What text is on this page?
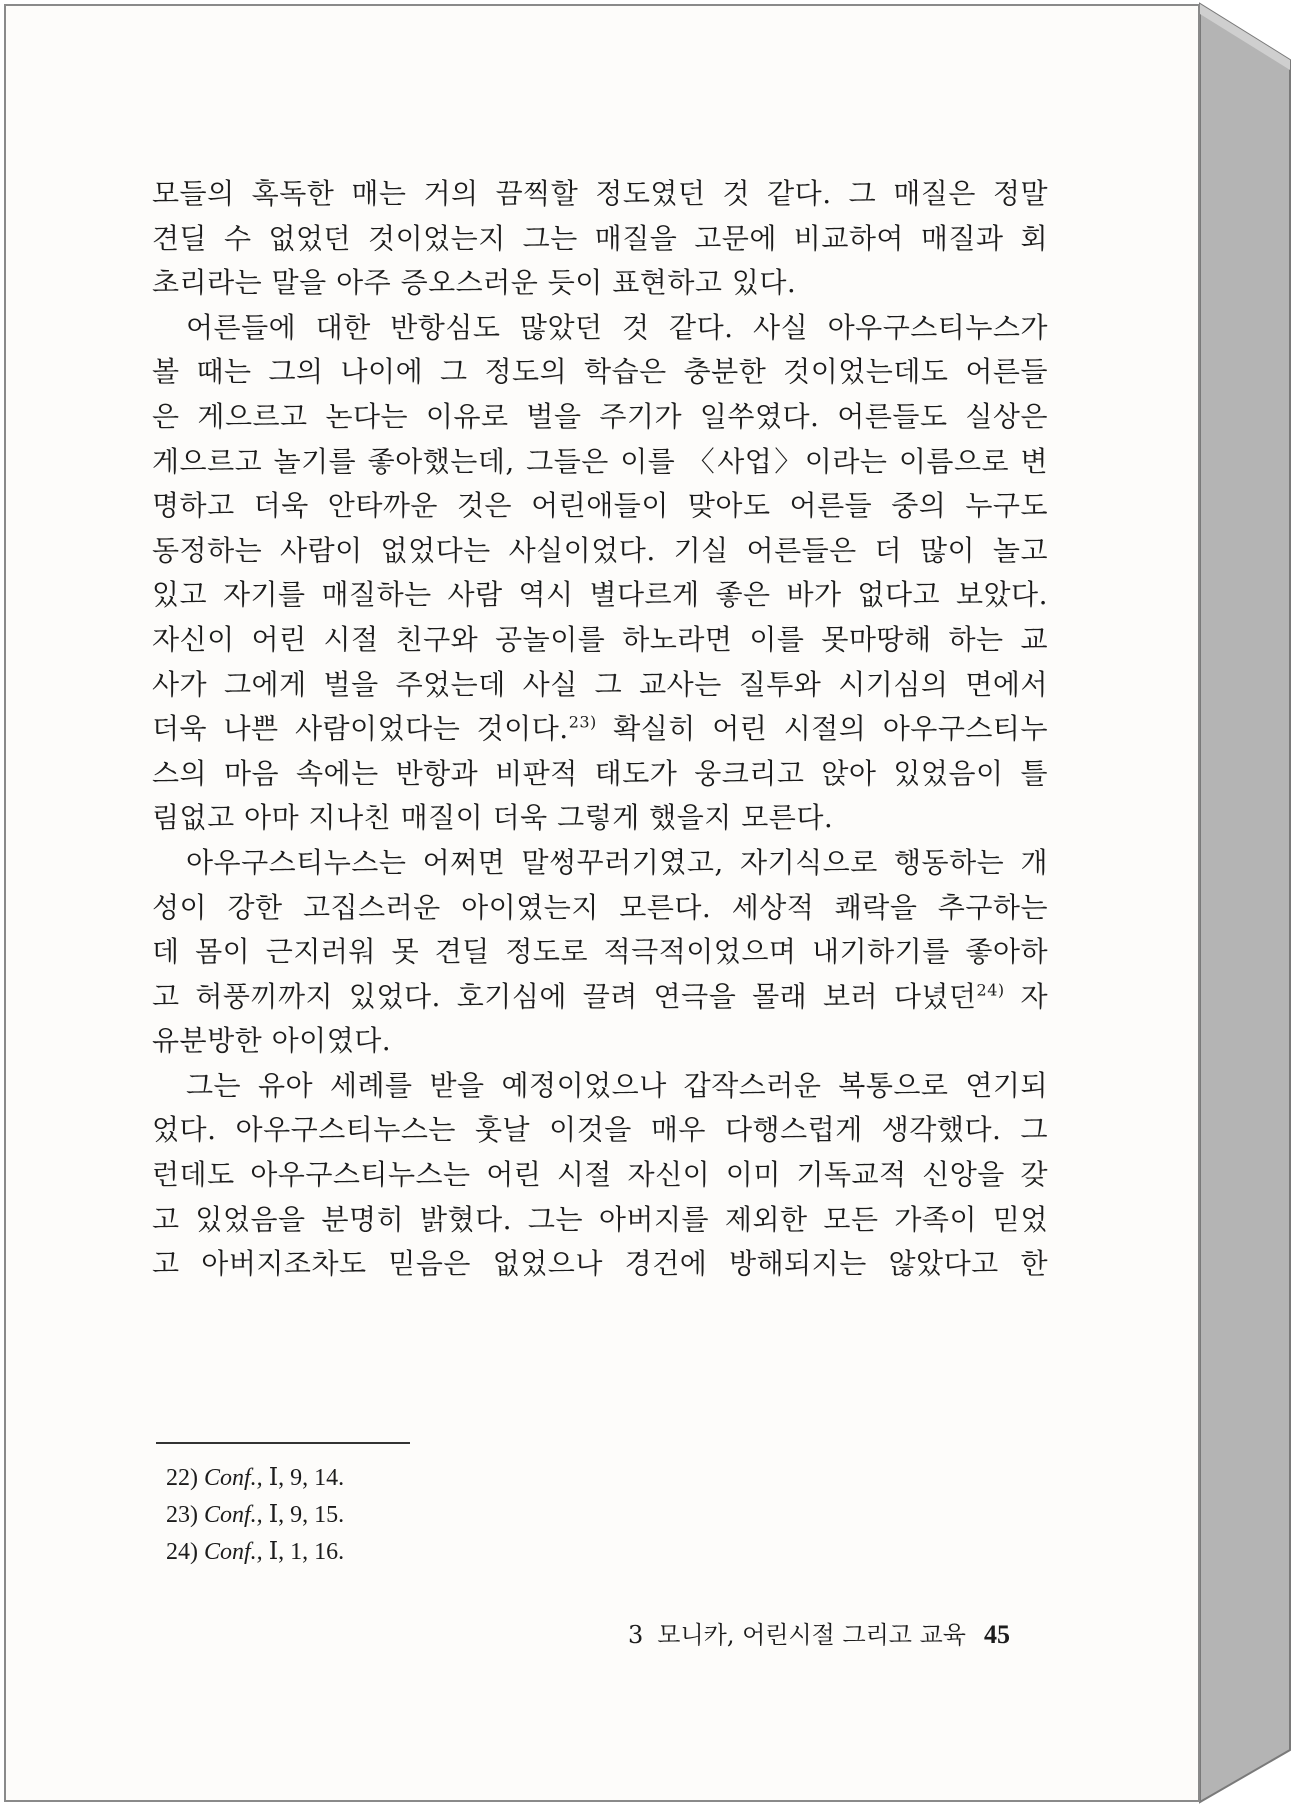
모들의 혹독한 매는 거의 끔찍할 정도였던 것 같다. 그 매질은 정말
견딜 수 없었던 것이었는지 그는 매질을 고문에 비교하여 매질과 회
초리라는 말을 아주 증오스러운 듯이 표현하고 있다.

어른들에 대한 반항심도 많았던 것 같다. 사실 아우구스티누스가
볼 때는 그의 나이에 그 정도의 학습은 충분한 것이었는데도 어른들
은 게으르고 논다는 이유로 벌을 주기가 일쑤였다. 어른들도 실상은
게으르고 놀기를 좋아했는데, 그들은 이를 〈사업〉이라는 이름으로 변
명하고 더욱 안타까운 것은 어린애들이 맞아도 어른들 중의 누구도
동정하는 사람이 없었다는 사실이었다. 기실 어른들은 더 많이 놀고
있고 자기를 매질하는 사람 역시 별다르게 좋은 바가 없다고 보았다.
자신이 어린 시절 친구와 공놀이를 하노라면 이를 못마땅해 하는 교
사가 그에게 벌을 주었는데 사실 그 교사는 질투와 시기심의 면에서
더욱 나쁜 사람이었다는 것이다.$^{23)}$ 확실히 어린 시절의 아우구스티누
스의 마음 속에는 반항과 비판적 태도가 웅크리고 앉아 있었음이 틀
림없고 아마 지나친 매질이 더욱 그렇게 했을지 모른다.

아우구스티누스는 어쩌면 말썽꾸러기였고, 자기식으로 행동하는 개
성이 강한 고집스러운 아이였는지 모른다. 세상적 쾌락을 추구하는
데 몸이 근지러워 못 견딜 정도로 적극적이었으며 내기하기를 좋아하
고 허풍끼까지 있었다. 호기심에 끌려 연극을 몰래 보러 다녔던$^{24)}$ 자
유분방한 아이였다.

그는 유아 세례를 받을 예정이었으나 갑작스러운 복통으로 연기되
었다. 아우구스티누스는 훗날 이것을 매우 다행스럽게 생각했다. 그
런데도 아우구스티누스는 어린 시절 자신이 이미 기독교적 신앙을 갖
고 있었음을 분명히 밝혔다. 그는 아버지를 제외한 모든 가족이 믿었
고 아버지조차도 믿음은 없었으나 경건에 방해되지는 않았다고 한

22) Conf., Ⅰ, 9, 14.
23) Conf., Ⅰ, 9, 15.
24) Conf., Ⅰ, 1, 16.
3 모니카, 어린시절 그리고 교육 45
